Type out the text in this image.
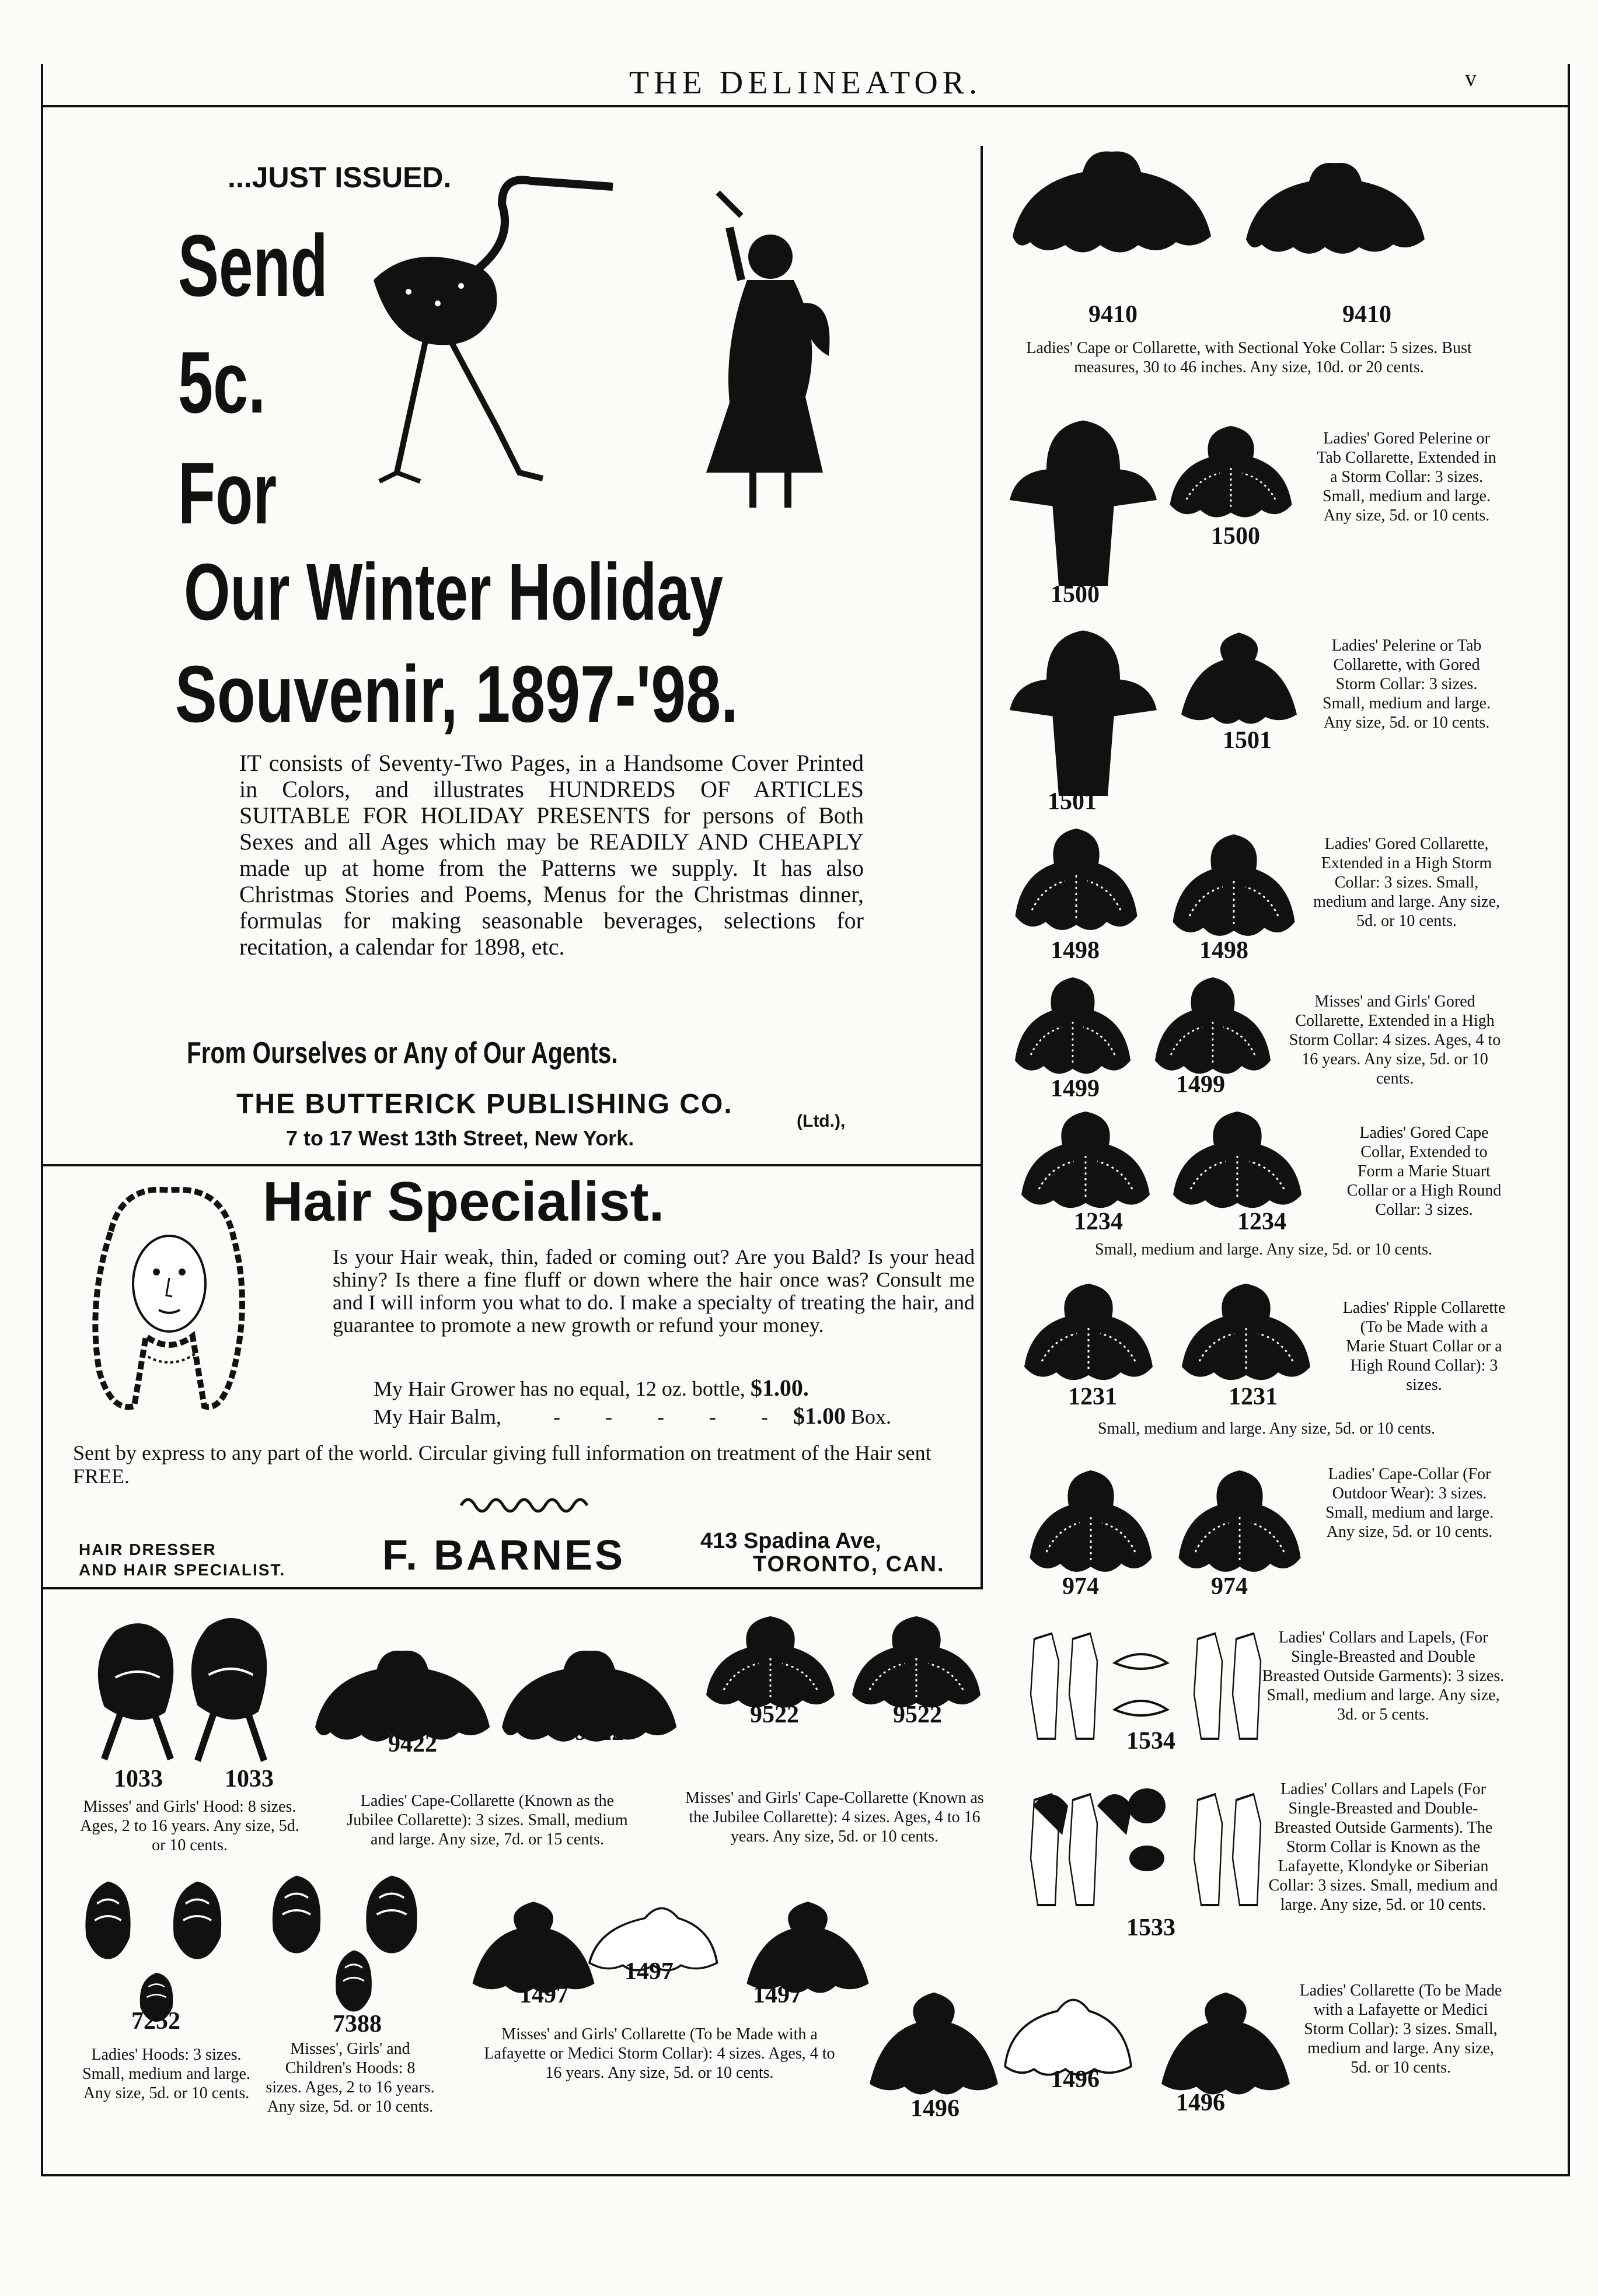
THE DELINEATOR.	v
...JUST ISSUED.
Send
5c.
For
Our Winter Holiday
Souvenir, 1897-'98.
IT consists of Seventy-Two Pages, in a Handsome Cover Printed in Colors, and illustrates HUNDREDS OF ARTICLES SUITABLE FOR HOLIDAY PRESENTS for persons of Both Sexes and all Ages which may be READILY AND CHEAPLY made up at home from the Patterns we supply. It has also Christmas Stories and Poems, Menus for the Christmas dinner, formulas for making seasonable beverages, selections for recitation, a calendar for 1898, etc.
From Ourselves or Any of Our Agents.
THE BUTTERICK PUBLISHING CO.
7 to 17 West 13th Street, New York.
(Ltd.),
Hair Specialist.
Is your Hair weak, thin, faded or coming out? Are you Bald? Is your head shiny? Is there a fine fluff or down where the hair once was? Consult me and I will inform you what to do. I make a specialty of treating the hair, and guarantee to promote a new growth or refund your money.
My Hair Grower has no equal, 12 oz. bottle, $1.00.
My Hair Balm, - - - - - $1.00 Box.
Sent by express to any part of the world. Circular giving full information on treatment of the Hair sent FREE.
HAIR DRESSER
AND HAIR SPECIALIST. F. BARNES	413 Spadina Ave,
TORONTO, CAN.
9410	9410
Ladies' Cape or Collarette, with Sectional Yoke Collar: 5 sizes. Bust measures, 30 to 46 inches. Any size, 10d. or 20 cents.
1500
1500
Ladies' Gored Pelerine or Tab Collarette, Extended in a Storm Collar: 3 sizes. Small, medium and large. Any size, 5d. or 10 cents.
1501
1501
Ladies' Pelerine or Tab Collarette, with Gored Storm Collar: 3 sizes. Small, medium and large. Any size, 5d. or 10 cents.
1498	1498
Ladies' Gored Collarette, Extended in a High Storm Collar: 3 sizes. Small, medium and large. Any size, 5d. or 10 cents.
1499	1499
Misses' and Girls' Gored Collarette, Extended in a High Storm Collar: 4 sizes. Ages, 4 to 16 years. Any size, 5d. or 10 cents.
1234	1234
Ladies' Gored Cape Collar, Extended to Form a Marie Stuart Collar or a High Round Collar: 3 sizes.
Small, medium and large. Any size, 5d. or 10 cents.
1231	1231
Ladies' Ripple Collarette (To be Made with a Marie Stuart Collar or a High Round Collar): 3 sizes.
Small, medium and large. Any size, 5d. or 10 cents.
974	974
Ladies' Cape-Collar (For Outdoor Wear): 3 sizes. Small, medium and large. Any size, 5d. or 10 cents.
1534
Ladies' Collars and Lapels, (For Single-Breasted and Double Breasted Outside Garments): 3 sizes. Small, medium and large. Any size, 3d. or 5 cents.
1533
Ladies' Collars and Lapels (For Single-Breasted and Double-Breasted Outside Garments). The Storm Collar is Known as the Lafayette, Klondyke or Siberian Collar: 3 sizes. Small, medium and large. Any size, 5d. or 10 cents.
1496
1496
1496
Ladies' Collarette (To be Made with a Lafayette or Medici Storm Collar): 3 sizes. Small, medium and large. Any size, 5d. or 10 cents.
1033	1033
Misses' and Girls' Hood: 8 sizes. Ages, 2 to 16 years. Any size, 5d. or 10 cents.
9422	9422
Ladies' Cape-Collarette (Known as the Jubilee Collarette): 3 sizes. Small, medium and large. Any size, 7d. or 15 cents.
9522	9522
Misses' and Girls' Cape-Collarette (Known as the Jubilee Collarette): 4 sizes. Ages, 4 to 16 years. Any size, 5d. or 10 cents.
7252
Ladies' Hoods: 3 sizes. Small, medium and large. Any size, 5d. or 10 cents.
7388
Misses', Girls' and Children's Hoods: 8 sizes. Ages, 2 to 16 years. Any size, 5d. or 10 cents.
1497
1497
1497
Misses' and Girls' Collarette (To be Made with a Lafayette or Medici Storm Collar): 4 sizes. Ages, 4 to 16 years. Any size, 5d. or 10 cents.
